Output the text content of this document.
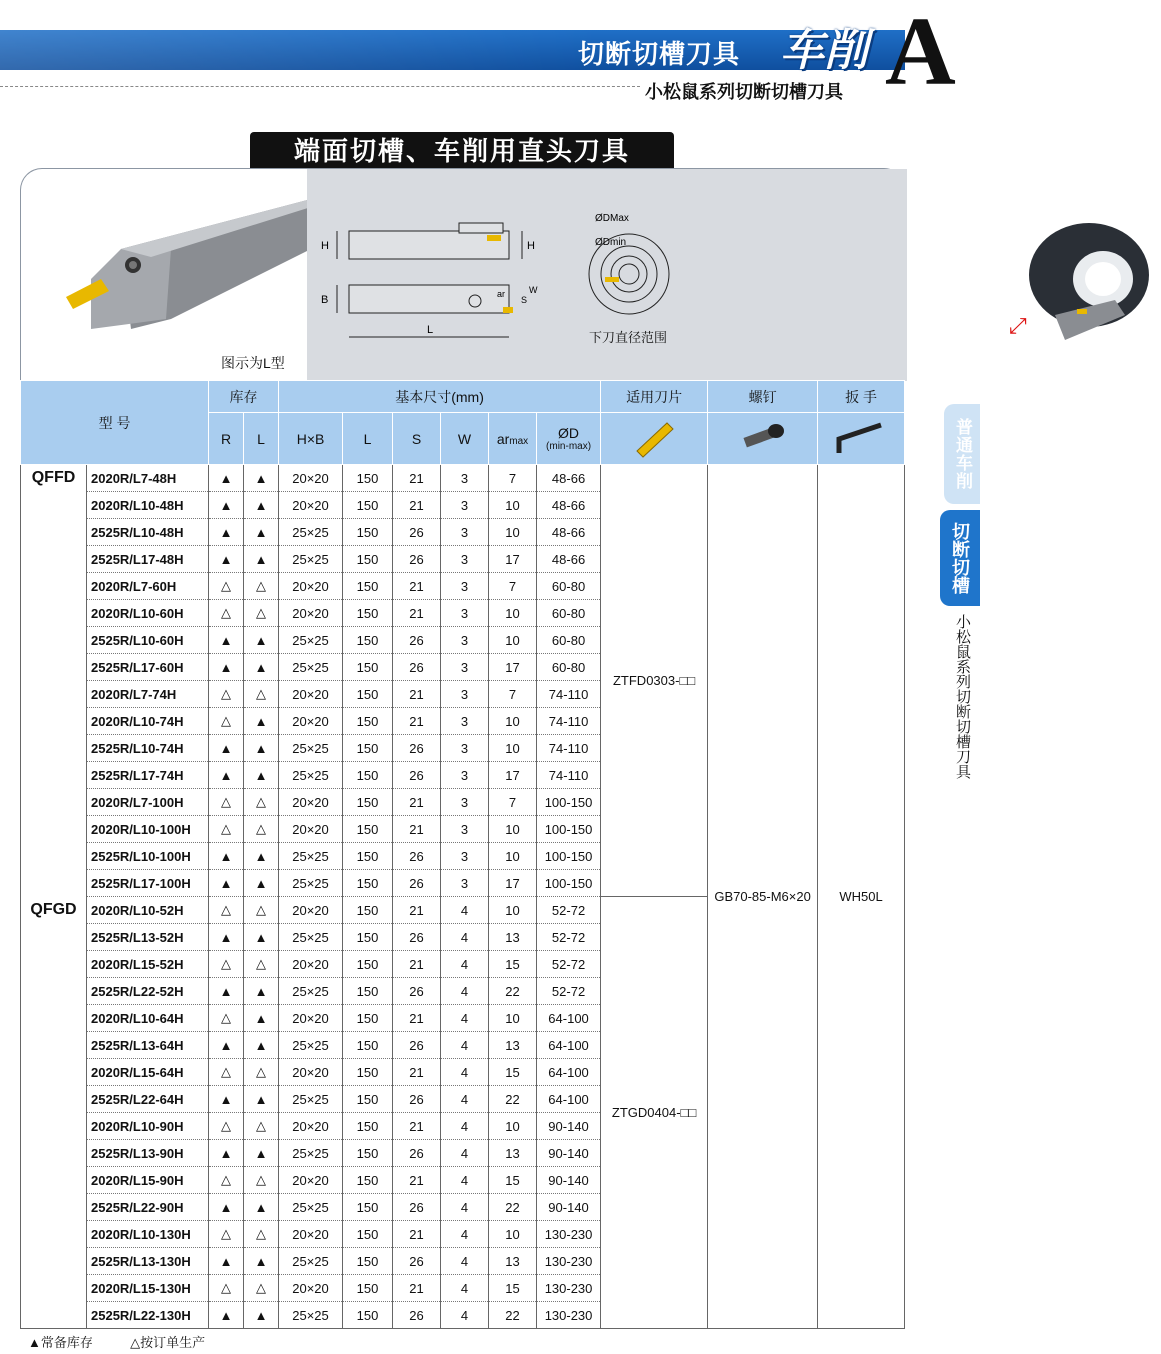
切断切槽刀具 车削 A
小松鼠系列切断切槽刀具
端面切槽、车削用直头刀具
H	H
B
L
ar
S
W
ØDMax
ØDmin
⤢
图示为L型
下刀直径范围
普通车削
切断切槽
小松鼠系列切断切槽刀具
型 号		库存		基本尺寸(mm)						适用刀片	螺钉	扳 手
		R	L	H×B	L	S	W	armax	ØD
(min-max)

QFFD	2020R/L7-48H	▲	▲	20×20	150	21	3	7	48-66	ZTFD0303-□□	GB70-85-M6×20	WH50L
	2020R/L10-48H	▲	▲	20×20	150	21	3	10	48-66			
	2525R/L10-48H	▲	▲	25×25	150	26	3	10	48-66			
	2525R/L17-48H	▲	▲	25×25	150	26	3	17	48-66			
	2020R/L7-60H	△	△	20×20	150	21	3	7	60-80			
	2020R/L10-60H	△	△	20×20	150	21	3	10	60-80			
	2525R/L10-60H	▲	▲	25×25	150	26	3	10	60-80			
	2525R/L17-60H	▲	▲	25×25	150	26	3	17	60-80			
	2020R/L7-74H	△	△	20×20	150	21	3	7	74-110			
	2020R/L10-74H	△	▲	20×20	150	21	3	10	74-110			
	2525R/L10-74H	▲	▲	25×25	150	26	3	10	74-110			
	2525R/L17-74H	▲	▲	25×25	150	26	3	17	74-110			
	2020R/L7-100H	△	△	20×20	150	21	3	7	100-150			
	2020R/L10-100H	△	△	20×20	150	21	3	10	100-150			
	2525R/L10-100H	▲	▲	25×25	150	26	3	10	100-150			
	2525R/L17-100H	▲	▲	25×25	150	26	3	17	100-150			
QFGD	2020R/L10-52H	△	△	20×20	150	21	4	10	52-72	ZTGD0404-□□		
	2525R/L13-52H	▲	▲	25×25	150	26	4	13	52-72			
	2020R/L15-52H	△	△	20×20	150	21	4	15	52-72			
	2525R/L22-52H	▲	▲	25×25	150	26	4	22	52-72			
	2020R/L10-64H	△	▲	20×20	150	21	4	10	64-100			
	2525R/L13-64H	▲	▲	25×25	150	26	4	13	64-100			
	2020R/L15-64H	△	△	20×20	150	21	4	15	64-100			
	2525R/L22-64H	▲	▲	25×25	150	26	4	22	64-100			
	2020R/L10-90H	△	△	20×20	150	21	4	10	90-140			
	2525R/L13-90H	▲	▲	25×25	150	26	4	13	90-140			
	2020R/L15-90H	△	△	20×20	150	21	4	15	90-140			
	2525R/L22-90H	▲	▲	25×25	150	26	4	22	90-140			
	2020R/L10-130H	△	△	20×20	150	21	4	10	130-230			
	2525R/L13-130H	▲	▲	25×25	150	26	4	13	130-230			
	2020R/L15-130H	△	△	20×20	150	21	4	15	130-230			
	2525R/L22-130H	▲	▲	25×25	150	26	4	22	130-230			
▲常备库存	△按订单生产
